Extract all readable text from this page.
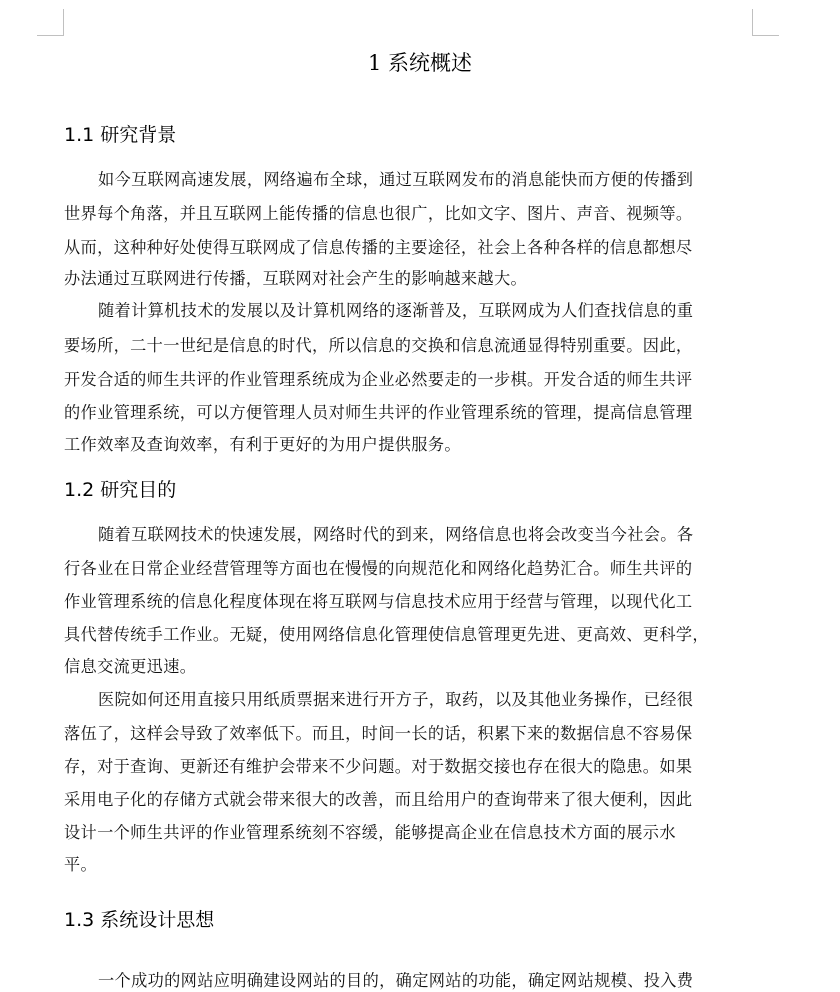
1 系统概述
1.1 研究背景
如今互联网高速发展，网络遍布全球，通过互联网发布的消息能快而方便的传播到
世界每个角落，并且互联网上能传播的信息也很广，比如文字、图片、声音、视频等。
从而，这种种好处使得互联网成了信息传播的主要途径，社会上各种各样的信息都想尽
办法通过互联网进行传播，互联网对社会产生的影响越来越大。
随着计算机技术的发展以及计算机网络的逐渐普及，互联网成为人们查找信息的重
要场所，二十一世纪是信息的时代，所以信息的交换和信息流通显得特别重要。因此，
开发合适的师生共评的作业管理系统成为企业必然要走的一步棋。开发合适的师生共评
的作业管理系统，可以方便管理人员对师生共评的作业管理系统的管理，提高信息管理
工作效率及查询效率，有利于更好的为用户提供服务。
1.2 研究目的
随着互联网技术的快速发展，网络时代的到来，网络信息也将会改变当今社会。各
行各业在日常企业经营管理等方面也在慢慢的向规范化和网络化趋势汇合。师生共评的
作业管理系统的信息化程度体现在将互联网与信息技术应用于经营与管理，以现代化工
具代替传统手工作业。无疑，使用网络信息化管理使信息管理更先进、更高效、更科学，
信息交流更迅速。
医院如何还用直接只用纸质票据来进行开方子，取药，以及其他业务操作，已经很
落伍了，这样会导致了效率低下。而且，时间一长的话，积累下来的数据信息不容易保
存，对于查询、更新还有维护会带来不少问题。对于数据交接也存在很大的隐患。如果
采用电子化的存储方式就会带来很大的改善，而且给用户的查询带来了很大便利，因此
设计一个师生共评的作业管理系统刻不容缓，能够提高企业在信息技术方面的展示水
平。
1.3 系统设计思想
一个成功的网站应明确建设网站的目的，确定网站的功能，确定网站规模、投入费
